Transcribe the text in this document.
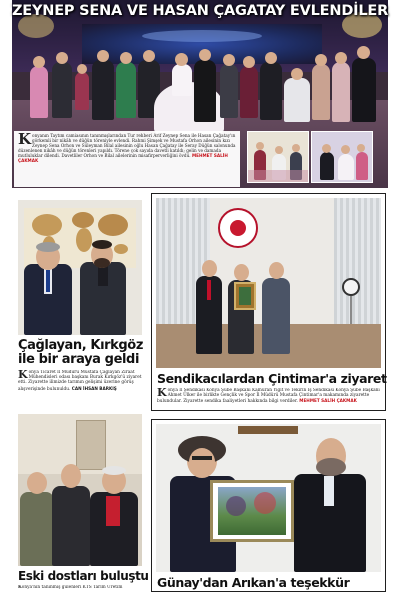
ZEYNEP SENA VE HASAN ÇAGATAY EVLENDİLER
K onyanın Taytım camiasının tanınmışlarından Tur rehberi Arif Zeynep Sena ile Hasan Çağatay'ın görkemli bir nikâh ve düğün töreniyle evlendi. Rahmi Şimşek ve Mustafa Orhon ailesinin kızı Zeynep Sena Orhon ve Süleyman Bilal ailesinin oğlu Hasan Çağatay ile Seray Düğün salonunda düzenlenen nikâh ve düğün törenleri yapıldı. Törene çok sayıda davetli katıldı; gelin ve damada mutluluklar dilendi. Davetliler Orhon ve Bilal ailelerinin misafirperverliğini övdü. MEHMET SALİH ÇAKMAK
Çağlayan, Kırkgöz
ile bir araya geldi
K onya Ticaret İl Müdürü Mustafa Çağlayan Ziraat Mühendisleri odası başkanı Burak Kırkgöz'ü ziyaret etti. Ziyarette ilimizde tarımın gelişimi üzerine görüş alışverişinde bulunuldu. CAN İHSAN BARKIŞ
Sendikacılardan Çintimar'a ziyaret
K onya İl Sendikası Konya Şube Başkanı Kamuran Yiğit ve Tekirin İş Sendikası Konya Şube Başkanı Ahmet Ülker ile birlikte Gençlik ve Spor İl Müdürü Mustafa Çintimar'a makamında ziyarette bulundular. Ziyarette sendika faaliyetleri hakkında bilgi verdiler. MEHMET SALİH ÇAKMAK
Eski dostları buluştu
Konya'nın tanınmış gülenleri KTS Tarım Üretim	Günay'dan Arıkan'a teşekkür
